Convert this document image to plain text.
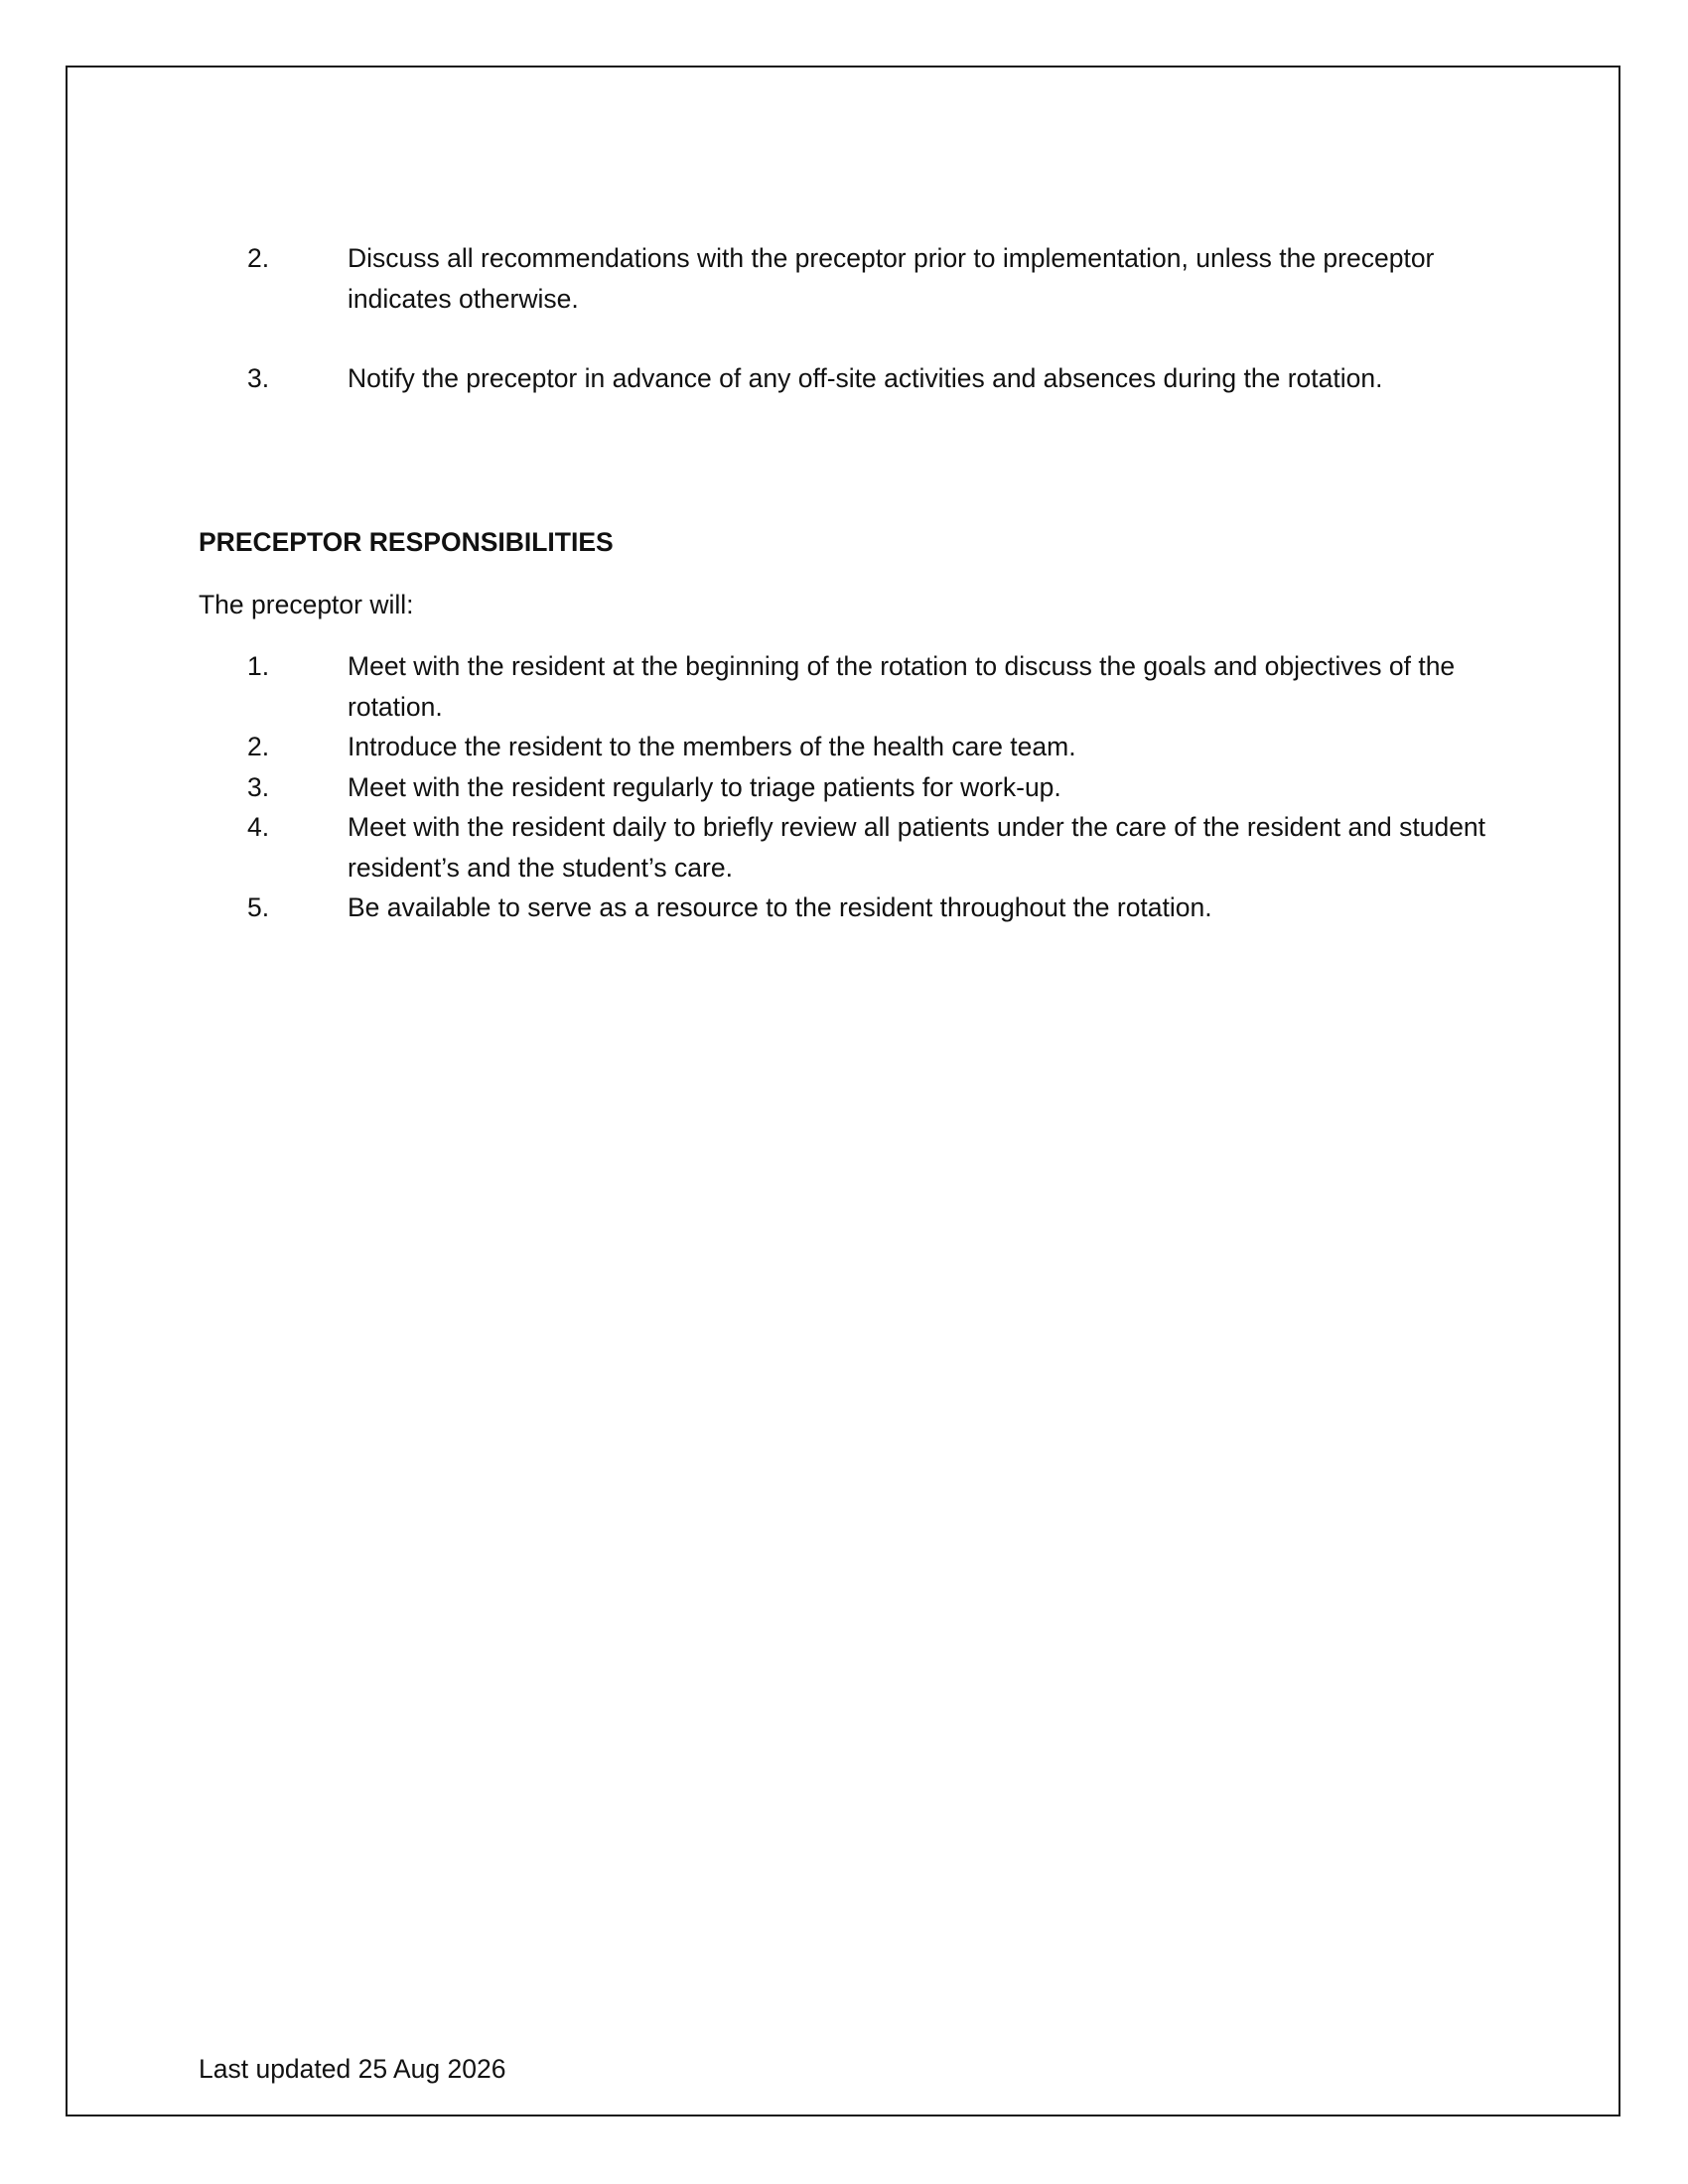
2.	Discuss all recommendations with the preceptor prior to implementation, unless the preceptor indicates otherwise.
3.	Notify the preceptor in advance of any off-site activities and absences during the rotation.
PRECEPTOR RESPONSIBILITIES

The preceptor will:

1.	Meet with the resident at the beginning of the rotation to discuss the goals and objectives of the rotation.
2.	Introduce the resident to the members of the health care team.
3.	Meet with the resident regularly to triage patients for work-up.
4.	Meet with the resident daily to briefly review all patients under the care of the resident and student resident’s and the student’s care.
5.	Be available to serve as a resource to the resident throughout the rotation.

Last updated 25 Aug 2026
